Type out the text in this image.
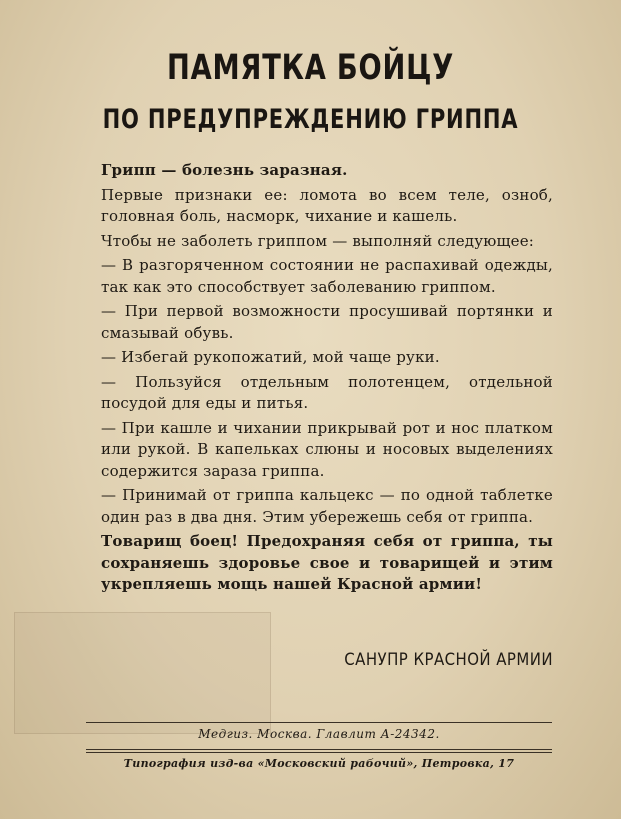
ПАМЯТКА БОЙЦУ
ПО ПРЕДУПРЕЖДЕНИЮ ГРИППА

Грипп — болезнь заразная.

Первые признаки ее: ломота во всем теле, озноб, головная боль, насморк, чихание и кашель.

Чтобы не заболеть гриппом — выполняй следующее:

— В разгоряченном состоянии не распахивай одежды, так как это способствует заболеванию гриппом.

— При первой возможности просушивай портянки и смазывай обувь.

— Избегай рукопожатий, мой чаще руки.

— Пользуйся отдельным полотенцем, отдельной посудой для еды и питья.

— При кашле и чихании прикрывай рот и нос платком или рукой. В капельках слюны и носовых выделениях содержится зараза гриппа.

— Принимай от гриппа кальцекс — по одной таблетке один раз в два дня. Этим убережешь себя от гриппа.

Товарищ боец! Предохраняя себя от гриппа, ты сохраняешь здоровье свое и товарищей и этим укрепляешь мощь нашей Красной армии!

САНУПР КРАСНОЙ АРМИИ
Медгиз. Москва. Главлит А-24342.
Типография изд-ва «Московский рабочий», Петровка, 17
